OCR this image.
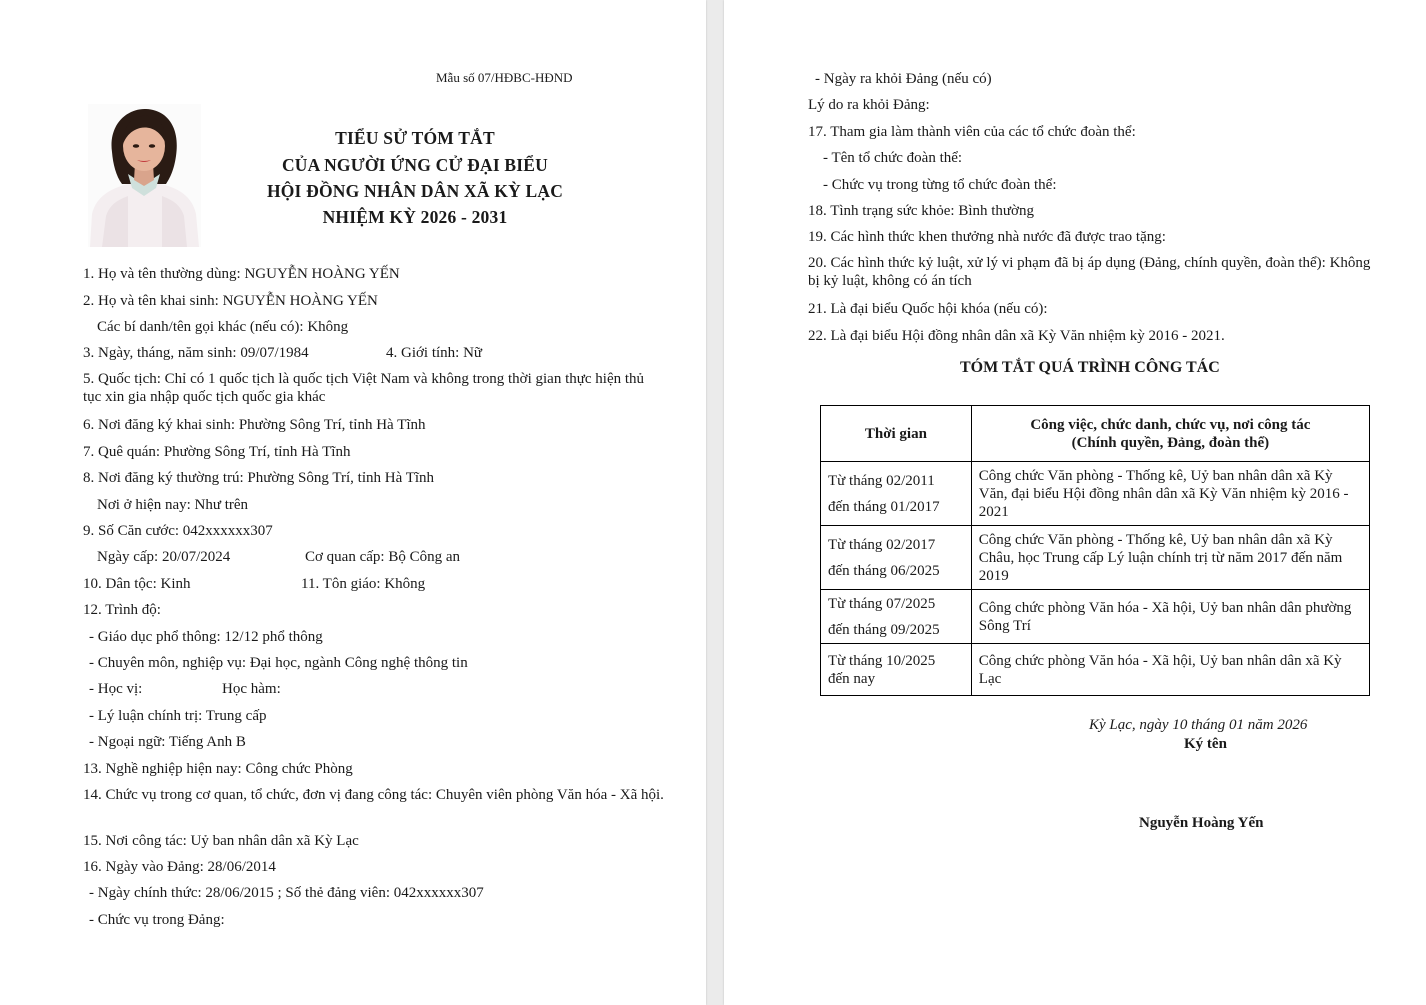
Mẫu số 07/HĐBC-HĐND
TIỂU SỬ TÓM TẮT
CỦA NGƯỜI ỨNG CỬ ĐẠI BIỂU
HỘI ĐỒNG NHÂN DÂN XÃ KỲ LẠC
NHIỆM KỲ 2026 - 2031
1. Họ và tên thường dùng: NGUYỄN HOÀNG YẾN
2. Họ và tên khai sinh: NGUYỄN HOÀNG YẾN
Các bí danh/tên gọi khác (nếu có): Không
3. Ngày, tháng, năm sinh: 09/07/1984	4. Giới tính: Nữ
5. Quốc tịch: Chỉ có 1 quốc tịch là quốc tịch Việt Nam và không trong thời gian thực hiện thủ tục xin gia nhập quốc tịch quốc gia khác
6. Nơi đăng ký khai sinh: Phường Sông Trí, tỉnh Hà Tĩnh
7. Quê quán: Phường Sông Trí, tỉnh Hà Tĩnh
8. Nơi đăng ký thường trú: Phường Sông Trí, tỉnh Hà Tĩnh
Nơi ở hiện nay: Như trên
9. Số Căn cước: 042xxxxxx307
Ngày cấp: 20/07/2024	Cơ quan cấp: Bộ Công an
10. Dân tộc: Kinh	11. Tôn giáo: Không
12. Trình độ:
- Giáo dục phổ thông: 12/12 phổ thông
- Chuyên môn, nghiệp vụ: Đại học, ngành Công nghệ thông tin
- Học vị:	Học hàm:
- Lý luận chính trị: Trung cấp
- Ngoại ngữ: Tiếng Anh B
13. Nghề nghiệp hiện nay: Công chức Phòng
14. Chức vụ trong cơ quan, tổ chức, đơn vị đang công tác: Chuyên viên phòng Văn hóa - Xã hội.
15. Nơi công tác: Uỷ ban nhân dân xã Kỳ Lạc
16. Ngày vào Đảng: 28/06/2014
- Ngày chính thức: 28/06/2015 ; Số thẻ đảng viên: 042xxxxxx307
- Chức vụ trong Đảng:
- Ngày ra khỏi Đảng (nếu có)
Lý do ra khỏi Đảng:
17. Tham gia làm thành viên của các tổ chức đoàn thể:
- Tên tổ chức đoàn thể:
- Chức vụ trong từng tổ chức đoàn thể:
18. Tình trạng sức khỏe: Bình thường
19. Các hình thức khen thưởng nhà nước đã được trao tặng:
20. Các hình thức kỷ luật, xử lý vi phạm đã bị áp dụng (Đảng, chính quyền, đoàn thể): Không bị kỷ luật, không có án tích
21. Là đại biểu Quốc hội khóa (nếu có):
22. Là đại biểu Hội đồng nhân dân xã Kỳ Văn nhiệm kỳ 2016 - 2021.
TÓM TẮT QUÁ TRÌNH CÔNG TÁC
Thời gian	Công việc, chức danh, chức vụ, nơi công tác
(Chính quyền, Đảng, đoàn thể)

Từ tháng 02/2011
đến tháng 01/2017	Công chức Văn phòng - Thống kê, Uỷ ban nhân dân xã Kỳ Văn, đại biểu Hội đồng nhân dân xã Kỳ Văn nhiệm kỳ 2016 - 2021

Từ tháng 02/2017
đến tháng 06/2025	Công chức Văn phòng - Thống kê, Uỷ ban nhân dân xã Kỳ Châu, học Trung cấp Lý luận chính trị từ năm 2017 đến năm 2019

Từ tháng 07/2025
đến tháng 09/2025	Công chức phòng Văn hóa - Xã hội, Uỷ ban nhân dân phường Sông Trí

Từ tháng 10/2025
đến nay	Công chức phòng Văn hóa - Xã hội, Uỷ ban nhân dân xã Kỳ Lạc
Kỳ Lạc, ngày 10 tháng 01 năm 2026
Ký tên
Nguyễn Hoàng Yến
